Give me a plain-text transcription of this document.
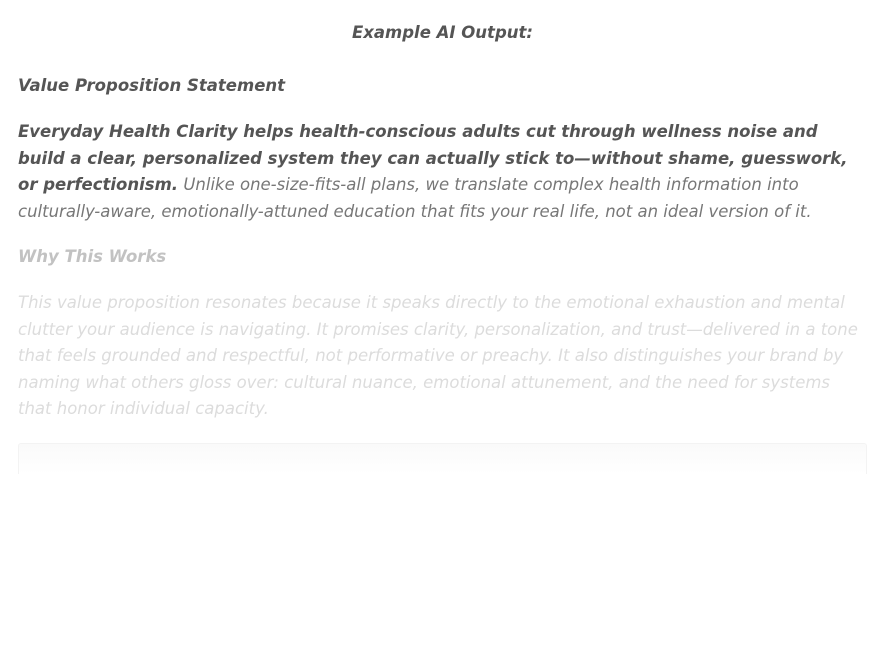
Example AI Output:

Value Proposition Statement

Everyday Health Clarity helps health-conscious adults cut through wellness noise and build a clear, personalized system they can actually stick to—without shame, guesswork, or perfectionism. Unlike one-size-fits-all plans, we translate complex health information into culturally-aware, emotionally-attuned education that fits your real life, not an ideal version of it.

Why This Works

This value proposition resonates because it speaks directly to the emotional exhaustion and mental clutter your audience is navigating. It promises clarity, personalization, and trust—delivered in a tone that feels grounded and respectful, not performative or preachy. It also distinguishes your brand by naming what others gloss over: cultural nuance, emotional attunement, and the need for systems that honor individual capacity.
